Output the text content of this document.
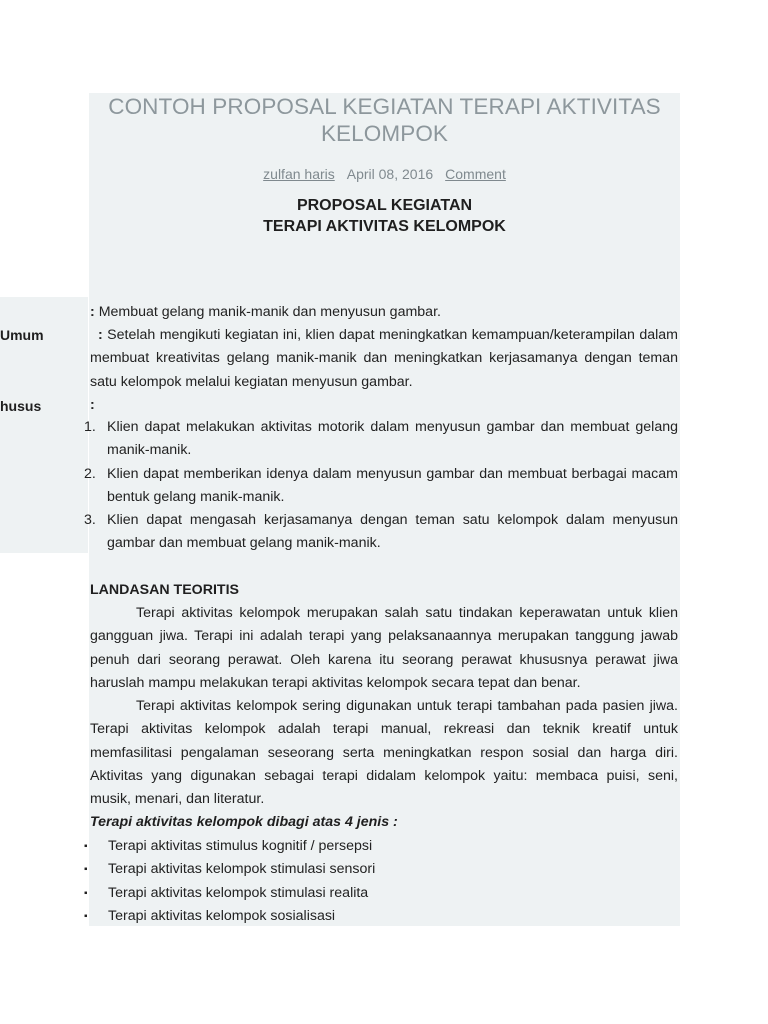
CONTOH PROPOSAL KEGIATAN TERAPI AKTIVITAS KELOMPOK
zulfan haris April 08, 2016 Comment
PROPOSAL KEGIATAN
TERAPI AKTIVITAS KELOMPOK
Umum
husus
: Membuat gelang manik-manik dan menyusun gambar.
: Setelah mengikuti kegiatan ini, klien dapat meningkatkan kemampuan/keterampilan dalam membuat kreativitas gelang manik-manik dan meningkatkan kerjasamanya dengan teman satu kelompok melalui kegiatan menyusun gambar.
:
1. Klien dapat melakukan aktivitas motorik dalam menyusun gambar dan membuat gelang manik-manik.
2. Klien dapat memberikan idenya dalam menyusun gambar dan membuat berbagai macam bentuk gelang manik-manik.
3. Klien dapat mengasah kerjasamanya dengan teman satu kelompok dalam menyusun gambar dan membuat gelang manik-manik.
LANDASAN TEORITIS
Terapi aktivitas kelompok merupakan salah satu tindakan keperawatan untuk klien gangguan jiwa. Terapi ini adalah terapi yang pelaksanaannya merupakan tanggung jawab penuh dari seorang perawat. Oleh karena itu seorang perawat khususnya perawat jiwa haruslah mampu melakukan terapi aktivitas kelompok secara tepat dan benar.
Terapi aktivitas kelompok sering digunakan untuk terapi tambahan pada pasien jiwa. Terapi aktivitas kelompok adalah terapi manual, rekreasi dan teknik kreatif untuk memfasilitasi pengalaman seseorang serta meningkatkan respon sosial dan harga diri. Aktivitas yang digunakan sebagai terapi didalam kelompok yaitu: membaca puisi, seni, musik, menari, dan literatur.
Terapi aktivitas kelompok dibagi atas 4 jenis :
▪ Terapi aktivitas stimulus kognitif / persepsi
▪ Terapi aktivitas kelompok stimulasi sensori
▪ Terapi aktivitas kelompok stimulasi realita
▪ Terapi aktivitas kelompok sosialisasi
